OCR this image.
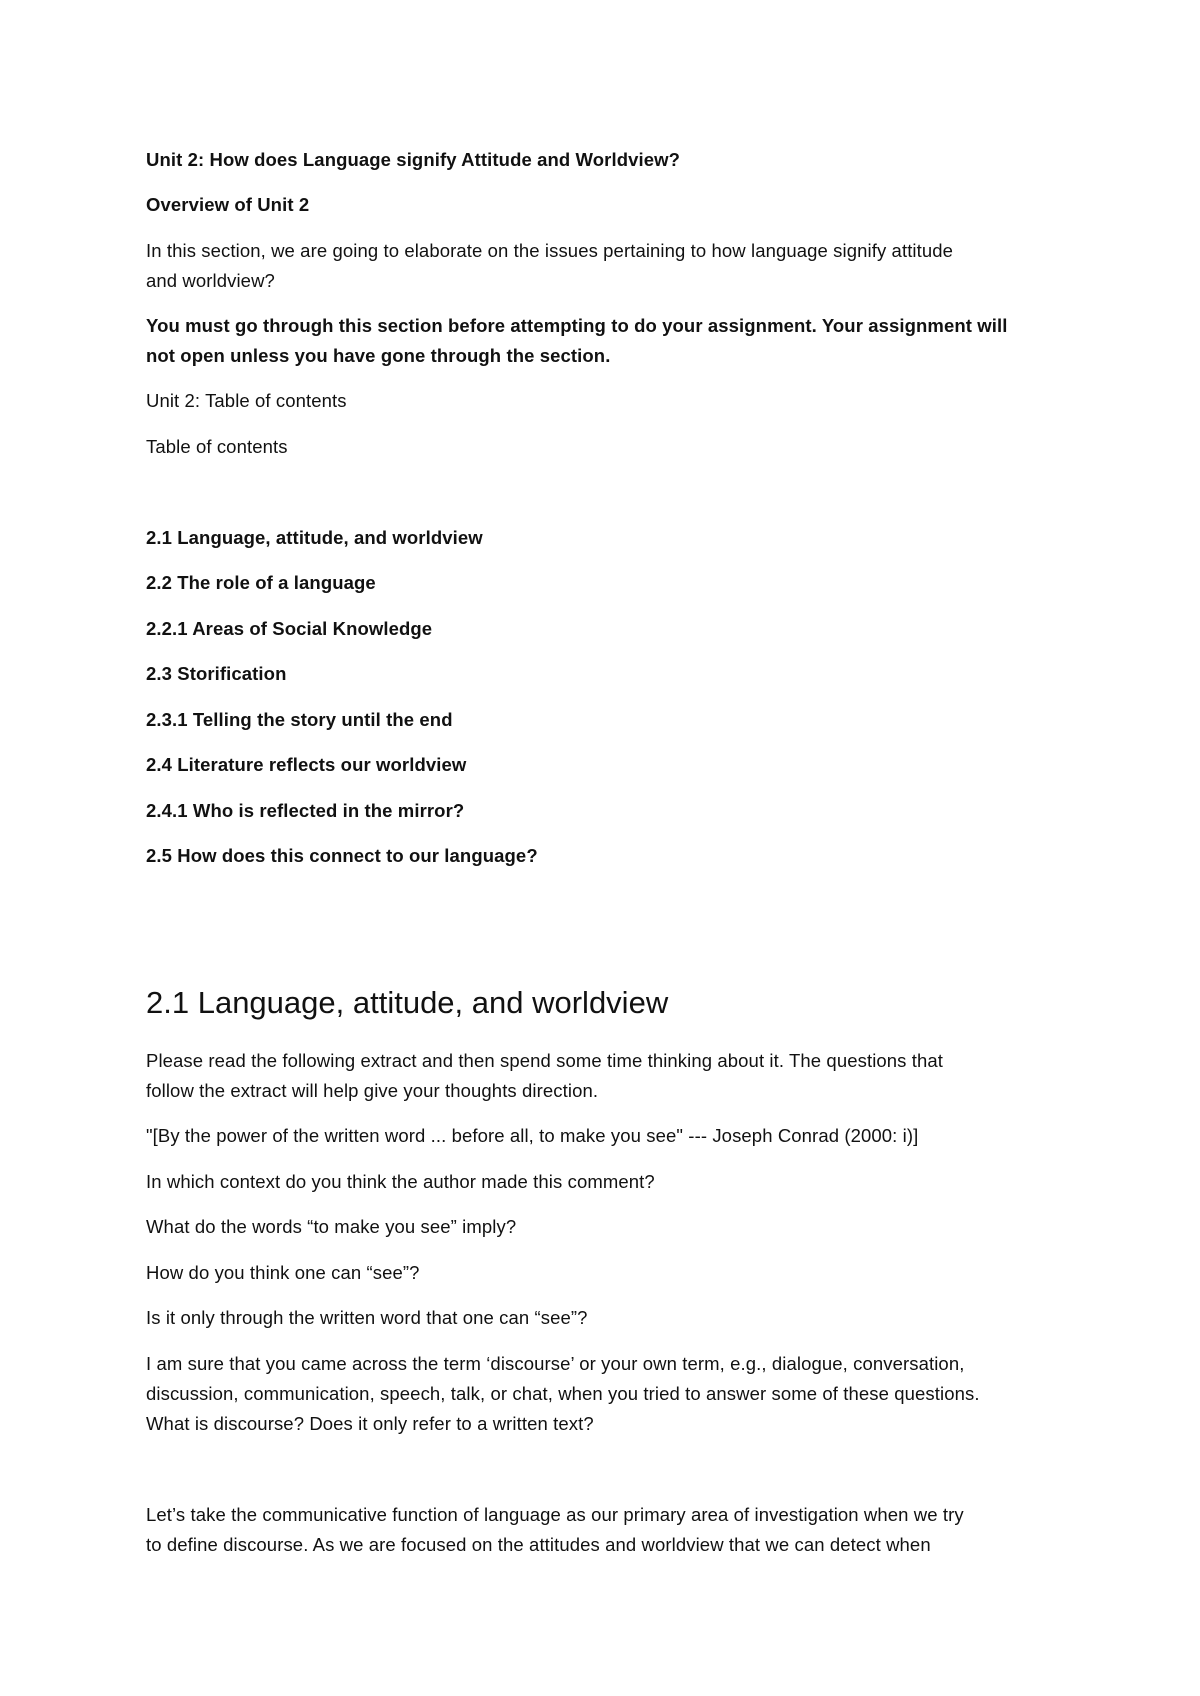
Unit 2: How does Language signify Attitude and Worldview?

Overview of Unit 2

In this section, we are going to elaborate on the issues pertaining to how language signify attitude

and worldview?

You must go through this section before attempting to do your assignment. Your assignment will

not open unless you have gone through the section.

Unit 2: Table of contents

Table of contents

2.1 Language, attitude, and worldview

2.2 The role of a language

2.2.1 Areas of Social Knowledge

2.3 Storification

2.3.1 Telling the story until the end

2.4 Literature reflects our worldview

2.4.1 Who is reflected in the mirror?

2.5 How does this connect to our language?

2.1 Language, attitude, and worldview

Please read the following extract and then spend some time thinking about it. The questions that

follow the extract will help give your thoughts direction.

"[By the power of the written word ... before all, to make you see" --- Joseph Conrad (2000: i)]

In which context do you think the author made this comment?

What do the words “to make you see” imply?

How do you think one can “see”?

Is it only through the written word that one can “see”?

I am sure that you came across the term ‘discourse’ or your own term, e.g., dialogue, conversation,

discussion, communication, speech, talk, or chat, when you tried to answer some of these questions.

What is discourse? Does it only refer to a written text?

Let’s take the communicative function of language as our primary area of investigation when we try

to define discourse. As we are focused on the attitudes and worldview that we can detect when
